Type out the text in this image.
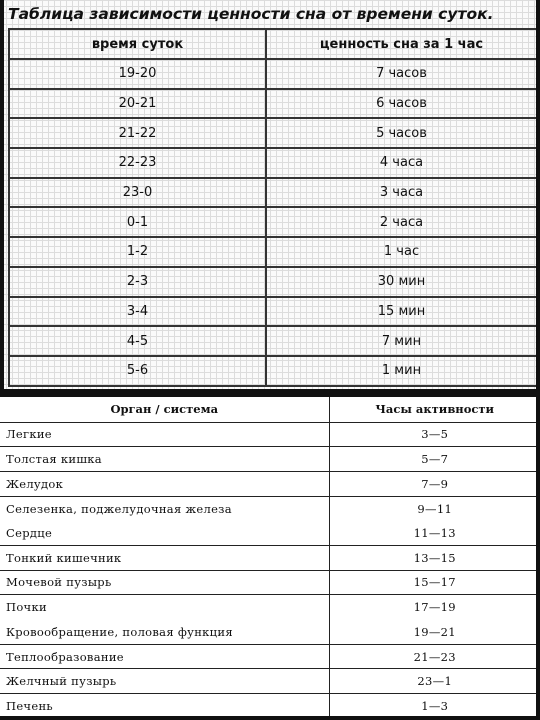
Таблица зависимости ценности сна от времени суток.
время суток	ценность сна за 1 час
19-20	7 часов
20-21	6 часов
21-22	5 часов
22-23	4 часа
23-0	3 часа
0-1	2 часа
1-2	1 час
2-3	30 мин
3-4	15 мин
4-5	7 мин
5-6	1 мин
Орган / система	Часы активности
Легкие	3—5
Толстая кишка	5—7
Желудок	7—9
Селезенка, поджелудочная железа	9—11
Сердце	11—13
Тонкий кишечник	13—15
Мочевой пузырь	15—17
Почки	17—19
Кровообращение, половая функция	19—21
Теплообразование	21—23
Желчный пузырь	23—1
Печень	1—3
